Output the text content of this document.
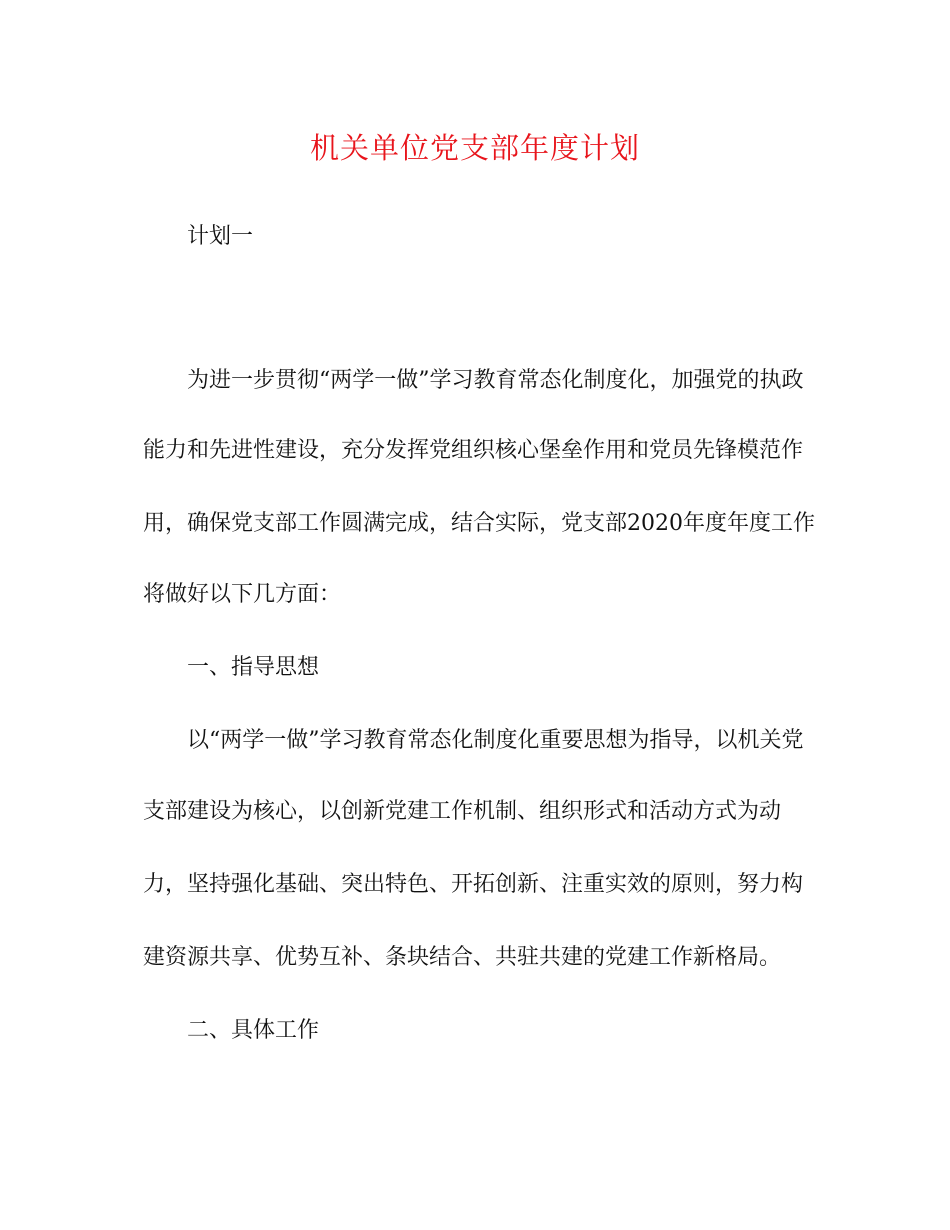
机关单位党支部年度计划
计划一
为进一步贯彻“两学一做”学习教育常态化制度化，加强党的执政
能力和先进性建设，充分发挥党组织核心堡垒作用和党员先锋模范作
用，确保党支部工作圆满完成，结合实际，党支部2020年度年度工作
将做好以下几方面：
一、指导思想
以“两学一做”学习教育常态化制度化重要思想为指导，以机关党
支部建设为核心，以创新党建工作机制、组织形式和活动方式为动
力，坚持强化基础、突出特色、开拓创新、注重实效的原则，努力构
建资源共享、优势互补、条块结合、共驻共建的党建工作新格局。
二、具体工作
